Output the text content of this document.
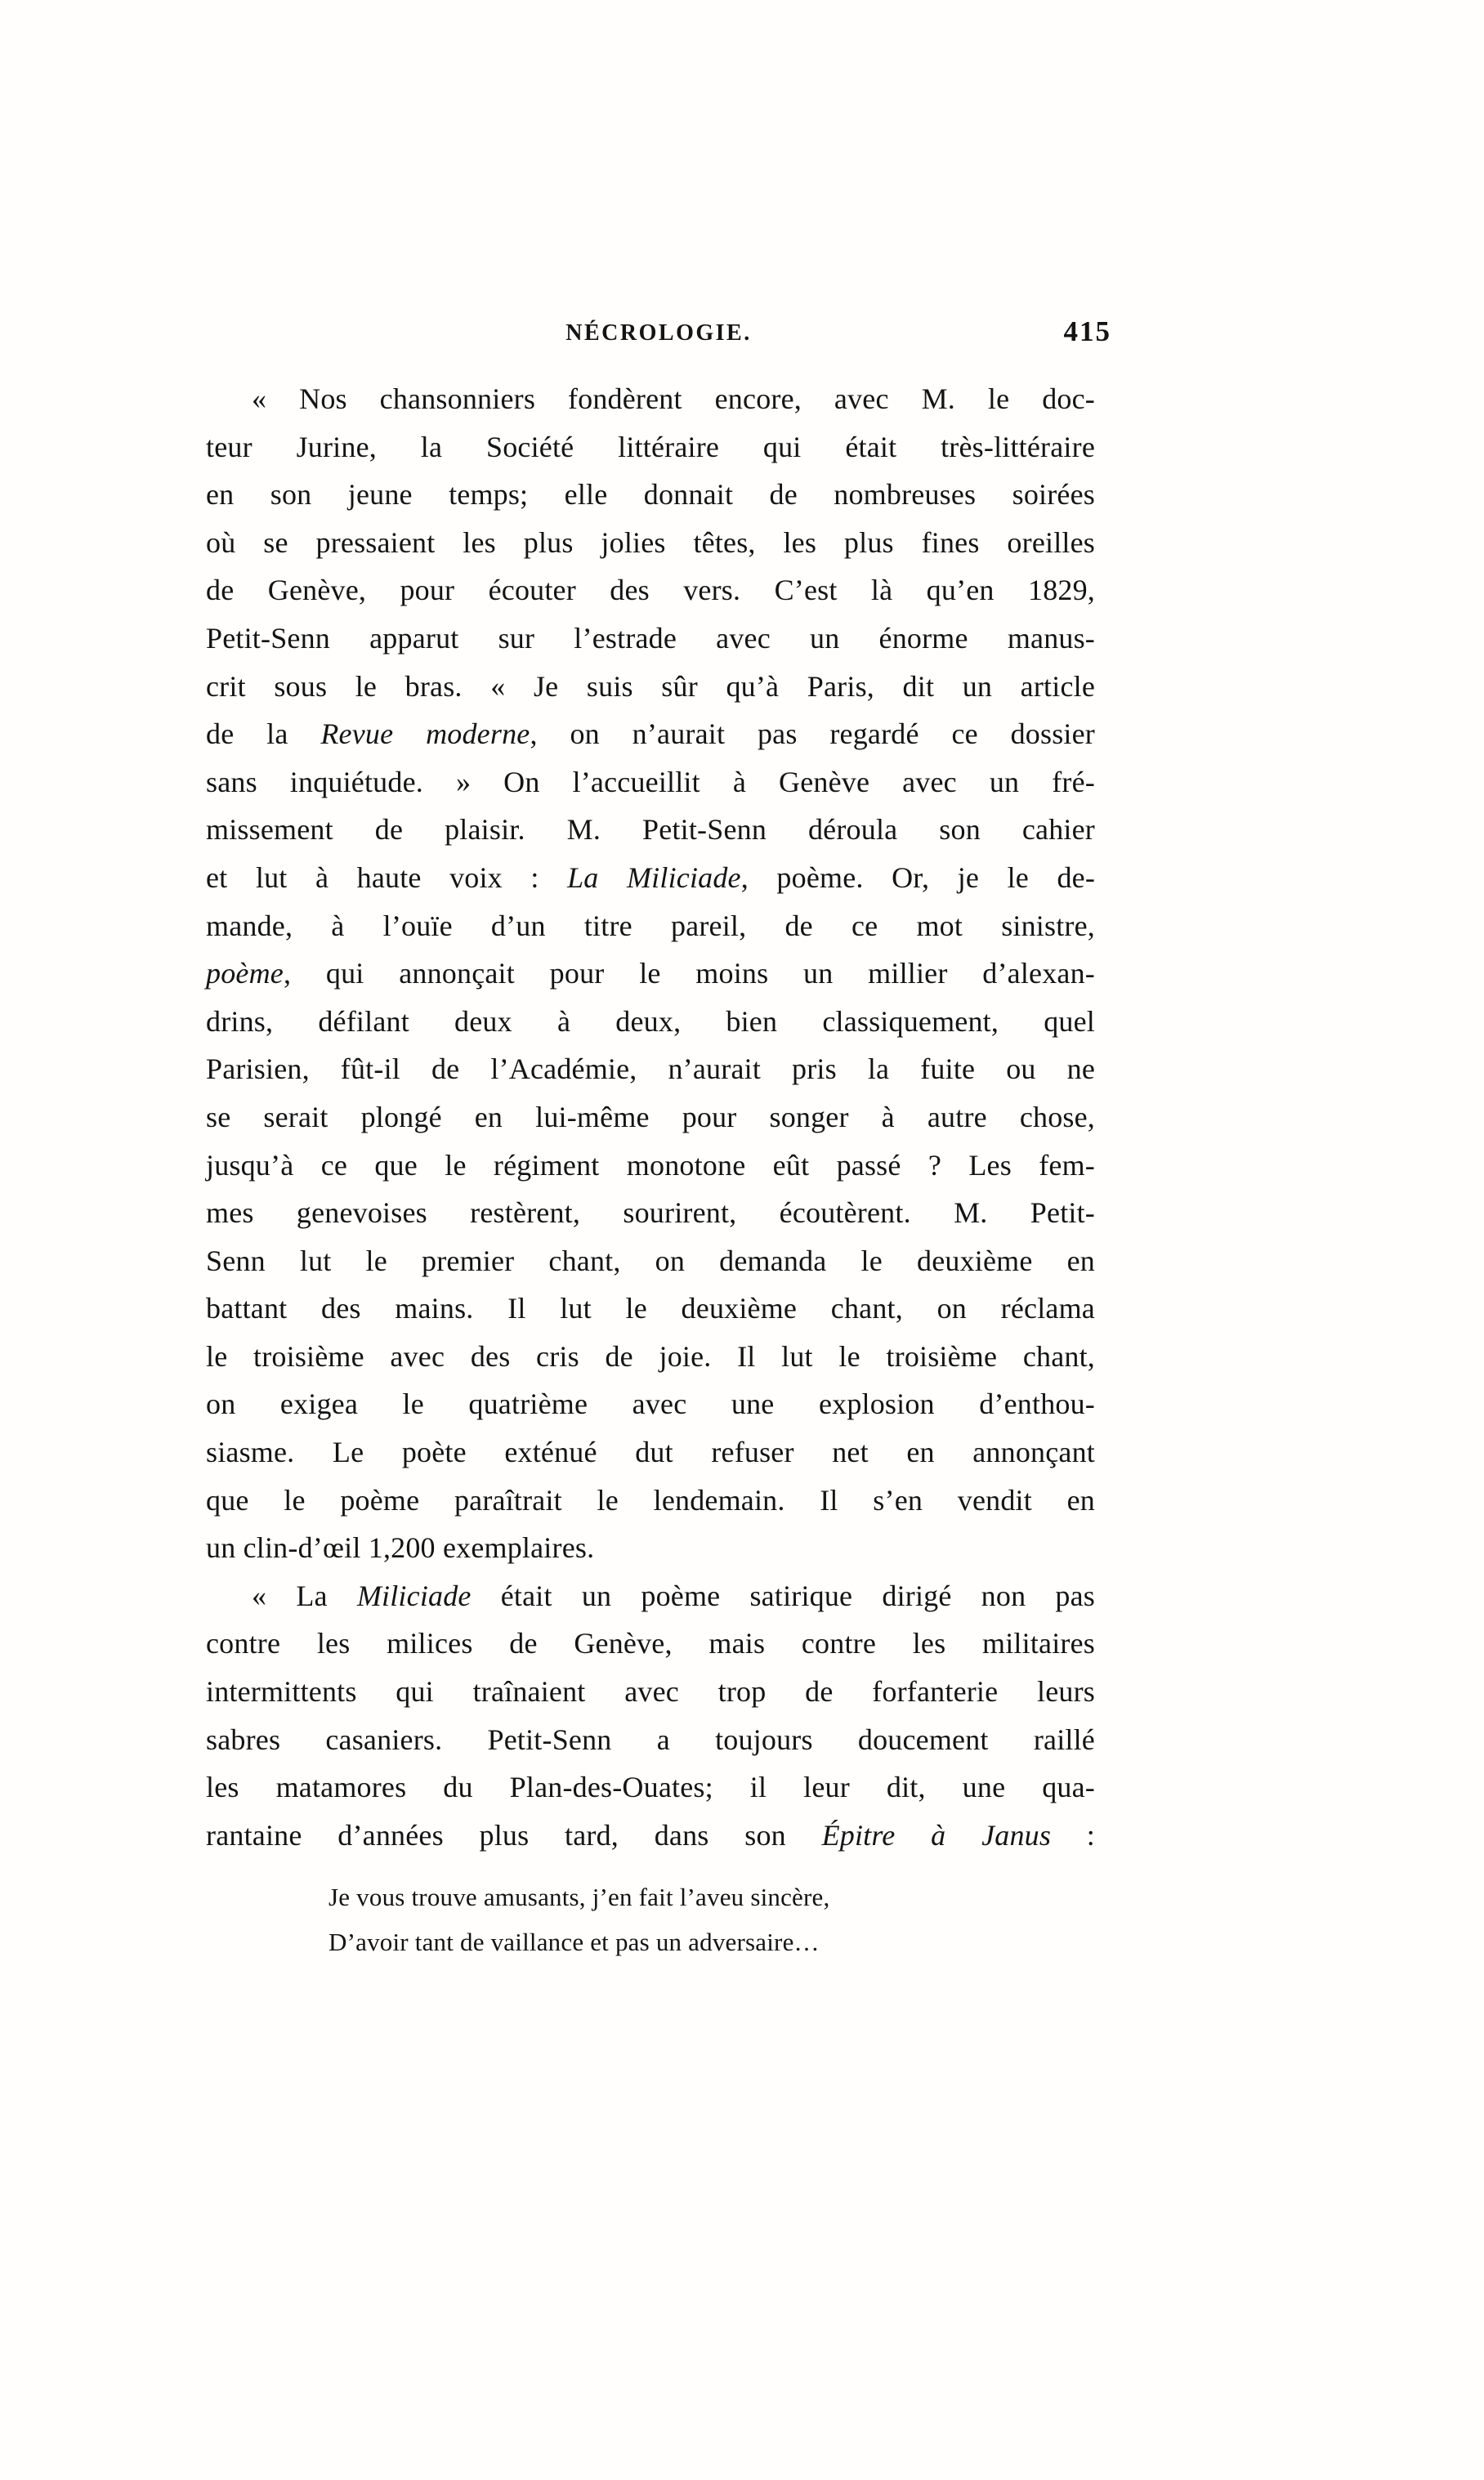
NÉCROLOGIE.	415
« Nos chansonniers fondèrent encore, avec M. le doc-
teur Jurine, la Société littéraire qui était très-littéraire
en son jeune temps; elle donnait de nombreuses soirées
où se pressaient les plus jolies têtes, les plus fines oreilles
de Genève, pour écouter des vers. C’est là qu’en 1829,
Petit-Senn apparut sur l’estrade avec un énorme manus-
crit sous le bras. « Je suis sûr qu’à Paris, dit un article
de la Revue moderne, on n’aurait pas regardé ce dossier
sans inquiétude. » On l’accueillit à Genève avec un fré-
missement de plaisir. M. Petit-Senn déroula son cahier
et lut à haute voix : La Miliciade, poème. Or, je le de-
mande, à l’ouïe d’un titre pareil, de ce mot sinistre,
poème, qui annonçait pour le moins un millier d’alexan-
drins, défilant deux à deux, bien classiquement, quel
Parisien, fût-il de l’Académie, n’aurait pris la fuite ou ne
se serait plongé en lui-même pour songer à autre chose,
jusqu’à ce que le régiment monotone eût passé ? Les fem-
mes genevoises restèrent, sourirent, écoutèrent. M. Petit-
Senn lut le premier chant, on demanda le deuxième en
battant des mains. Il lut le deuxième chant, on réclama
le troisième avec des cris de joie. Il lut le troisième chant,
on exigea le quatrième avec une explosion d’enthou-
siasme. Le poète exténué dut refuser net en annonçant
que le poème paraîtrait le lendemain. Il s’en vendit en
un clin-d’œil 1,200 exemplaires.
« La Miliciade était un poème satirique dirigé non pas
contre les milices de Genève, mais contre les militaires
intermittents qui traînaient avec trop de forfanterie leurs
sabres casaniers. Petit-Senn a toujours doucement raillé
les matamores du Plan-des-Ouates; il leur dit, une qua-
rantaine d’années plus tard, dans son Épitre à Janus :
Je vous trouve amusants, j’en fait l’aveu sincère,
D’avoir tant de vaillance et pas un adversaire…
